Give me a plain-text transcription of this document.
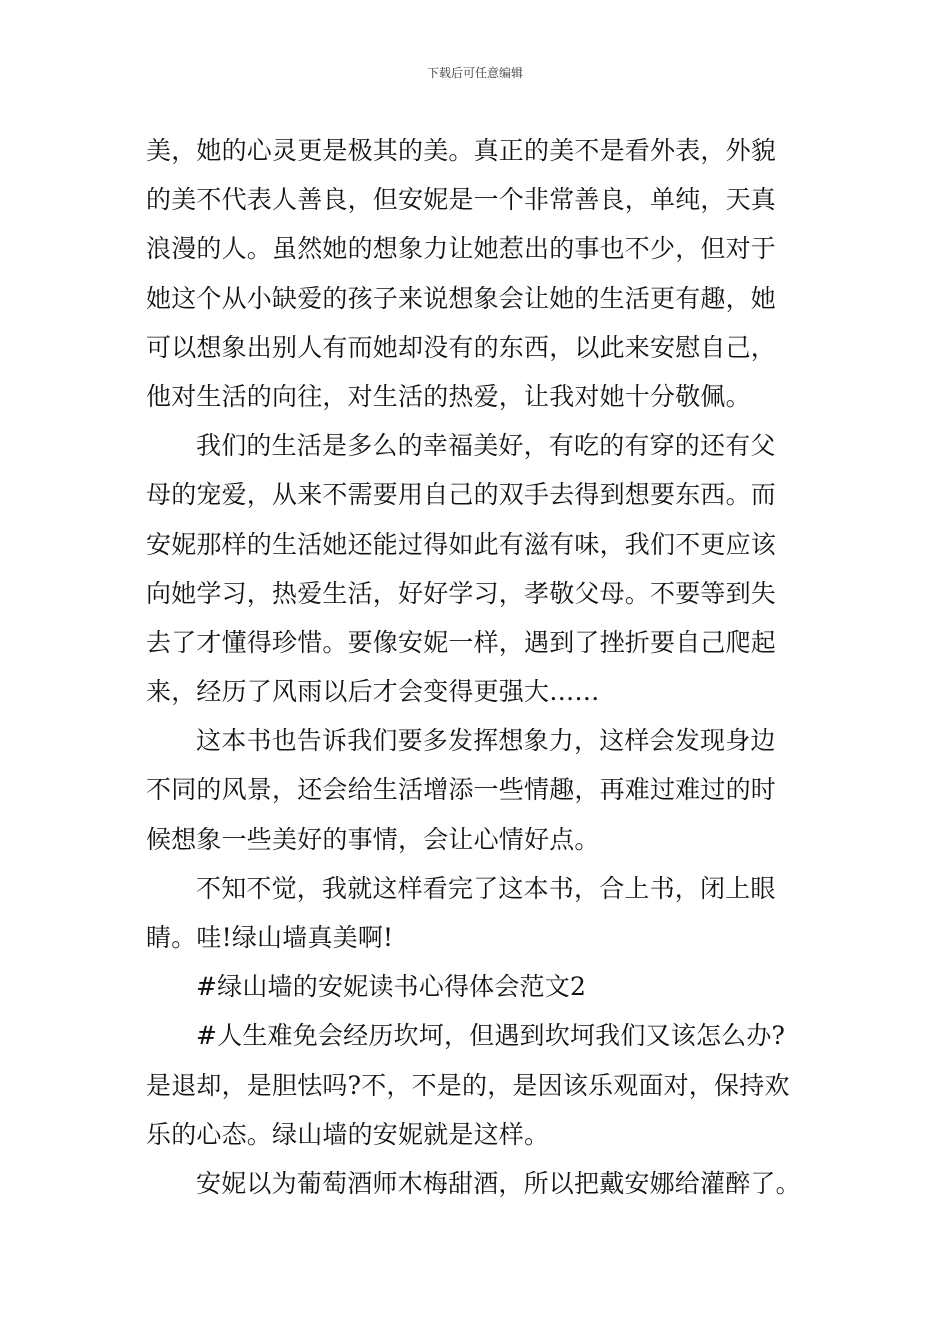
下载后可任意编辑
美，她的心灵更是极其的美。真正的美不是看外表，外貌
的美不代表人善良，但安妮是一个非常善良，单纯，天真
浪漫的人。虽然她的想象力让她惹出的事也不少，但对于
她这个从小缺爱的孩子来说想象会让她的生活更有趣，她
可以想象出别人有而她却没有的东西，以此来安慰自己，
他对生活的向往，对生活的热爱，让我对她十分敬佩。
我们的生活是多么的幸福美好，有吃的有穿的还有父
母的宠爱，从来不需要用自己的双手去得到想要东西。而
安妮那样的生活她还能过得如此有滋有味，我们不更应该
向她学习，热爱生活，好好学习，孝敬父母。不要等到失
去了才懂得珍惜。要像安妮一样，遇到了挫折要自己爬起
来，经历了风雨以后才会变得更强大……
这本书也告诉我们要多发挥想象力，这样会发现身边
不同的风景，还会给生活增添一些情趣，再难过难过的时
候想象一些美好的事情，会让心情好点。
不知不觉，我就这样看完了这本书，合上书，闭上眼
睛。哇!绿山墙真美啊!
#绿山墙的安妮读书心得体会范文2
#人生难免会经历坎坷，但遇到坎坷我们又该怎么办?
是退却，是胆怯吗?不，不是的，是因该乐观面对，保持欢
乐的心态。绿山墙的安妮就是这样。
安妮以为葡萄酒师木梅甜酒，所以把戴安娜给灌醉了。
